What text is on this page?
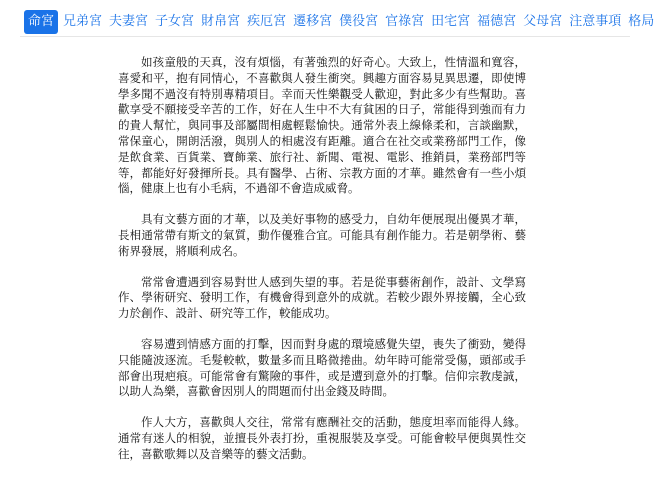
命宮 兄弟宮 夫妻宮 子女宮 財帛宮 疾厄宮 遷移宮 僕役宮 官祿宮 田宅宮 福德宮 父母宮 注意事項 格局

如孩童般的天真，沒有煩惱，有著強烈的好奇心。大致上，性情溫和寬容，喜愛和平，抱有同情心，不喜歡與人發生衝突。興趣方面容易見異思遷，即使博學多聞不過沒有特別專精項目。幸而天性樂觀受人歡迎，對此多少有些幫助。喜歡享受不願接受辛苦的工作，好在人生中不大有貧困的日子，常能得到強而有力的貴人幫忙，與同事及部屬間相處輕鬆愉快。通常外表上線條柔和，言談幽默，常保童心，開朗活潑，與別人的相處沒有距離。適合在社交或業務部門工作，像是飲食業、百貨業、寶飾業、旅行社、新聞、電視、電影、推銷員，業務部門等等，都能好好發揮所長。具有醫學、占術、宗教方面的才華。雖然會有一些小煩惱，健康上也有小毛病，不過卻不會造成威脅。

具有文藝方面的才華，以及美好事物的感受力，自幼年便展現出優異才華，長相通常帶有斯文的氣質，動作優雅合宜。可能具有創作能力。若是朝學術、藝術界發展，將順利成名。

常常會遭遇到容易對世人感到失望的事。若是從事藝術創作，設計、文學寫作、學術研究、發明工作，有機會得到意外的成就。若較少跟外界接觸，全心致力於創作、設計、研究等工作，較能成功。

容易遭到情感方面的打擊，因而對身處的環境感覺失望，喪失了衝勁，變得只能隨波逐流。毛髮較軟，數量多而且略微捲曲。幼年時可能常受傷，頭部或手部會出現疤痕。可能常會有驚險的事件，或是遭到意外的打擊。信仰宗教虔誠，以助人為樂，喜歡會因別人的問題而付出金錢及時間。

作人大方，喜歡與人交往，常常有應酬社交的活動，態度坦率而能得人緣。通常有迷人的相貌，並擅長外表打扮，重視服裝及享受。可能會較早便與異性交往，喜歡歌舞以及音樂等的藝文活動。
